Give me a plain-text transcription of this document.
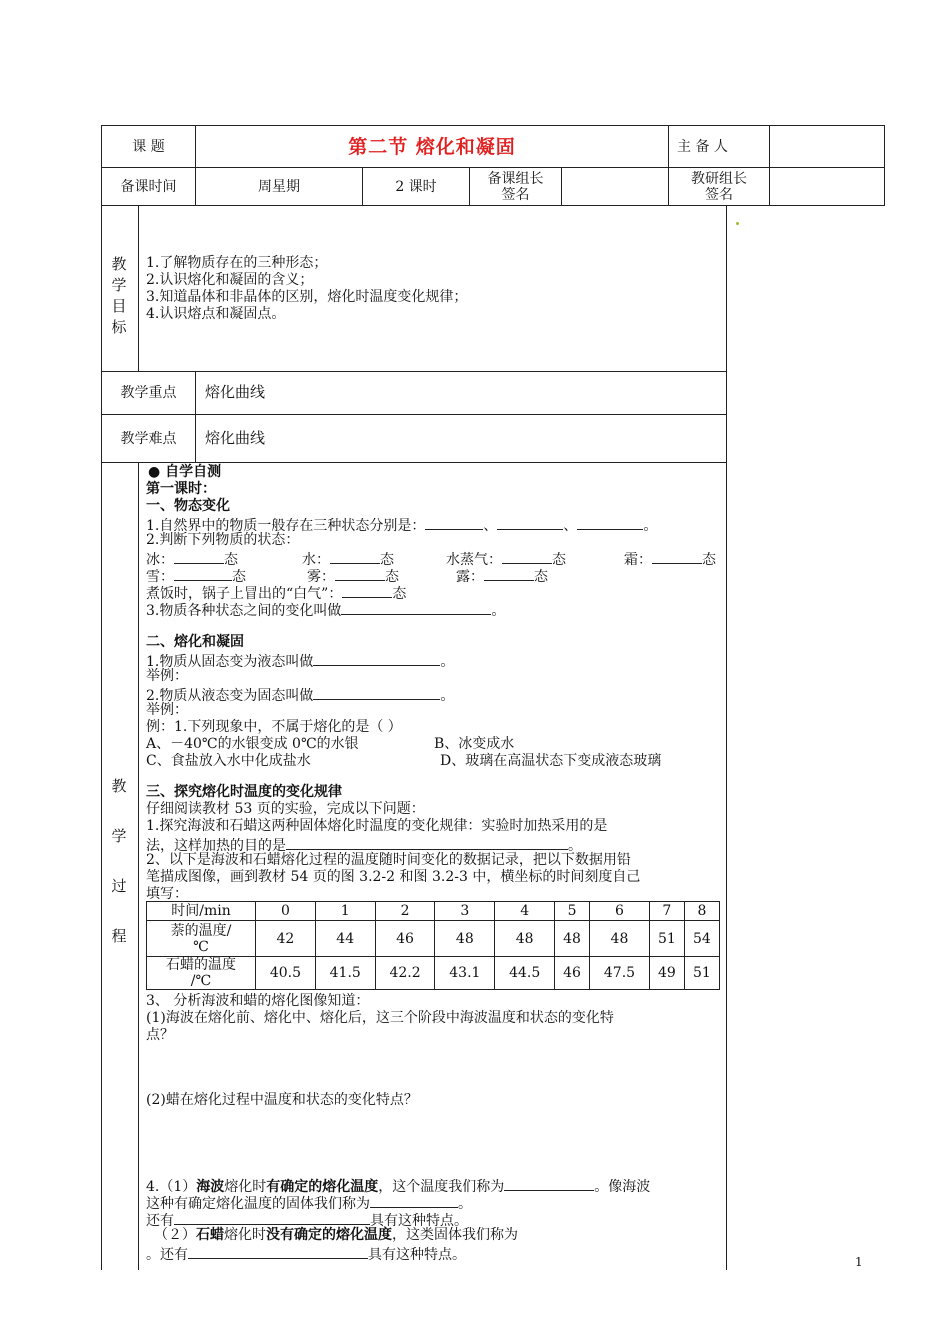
课 题	第二节 熔化和凝固	主 备 人
备课时间	周星期	2 课时	备课组长
签名
教研组长
签名
教学目标
1.了解物质存在的三种形态；
2.认识熔化和凝固的含义；
3.知道晶体和非晶体的区别，熔化时温度变化规律；
4.认识熔点和凝固点。
教学重点	熔化曲线
教学难点	熔化曲线
教
学
过
程
● 自学自测
第一课时：
一、物态变化
1.自然界中的物质一般存在三种状态分别是：	、	、	。
2.判断下列物质的状态：
冰：	态	水：	态	水蒸气：	态	霜：	态
雪：	态	雾：	态	露：	态
煮饭时，锅子上冒出的“白气”：	态
3.物质各种状态之间的变化叫做	。
二、熔化和凝固
1.物质从固态变为液态叫做	。
举例：
2.物质从液态变为固态叫做	。
举例：
例：1.下列现象中，不属于熔化的是（ ）
A、－40℃的水银变成 0℃的水银	B、冰变成水
C、食盐放入水中化成盐水	D、玻璃在高温状态下变成液态玻璃
三、探究熔化时温度的变化规律
仔细阅读教材 53 页的实验，完成以下问题：
1.探究海波和石蜡这两种固体熔化时温度的变化规律：实验时加热采用的是
法，这样加热的目的是	。
2、以下是海波和石蜡熔化过程的温度随时间变化的数据记录，把以下数据用铅
笔描成图像，画到教材 54 页的图 3.2-2 和图 3.2-3 中，横坐标的时间刻度自己
填写：
时间/min	0	1	2	3	4	5	6	7	8

萘的温度/
℃	42	44	46	48	48	48	48	51	54

石蜡的温度
/℃	40.5	41.5	42.2	43.1	44.5	46	47.5	49	51
3、 分析海波和蜡的熔化图像知道：
(1)海波在熔化前、熔化中、熔化后，这三个阶段中海波温度和状态的变化特
点？
(2)蜡在熔化过程中温度和状态的变化特点？
4.（1）海波熔化时有确定的熔化温度，这个温度我们称为	。像海波
这种有确定熔化温度的固体我们称为	。
还有	具有这种特点。
（２）石蜡熔化时没有确定的熔化温度，这类固体我们称为
。还有	具有这种特点。	1
